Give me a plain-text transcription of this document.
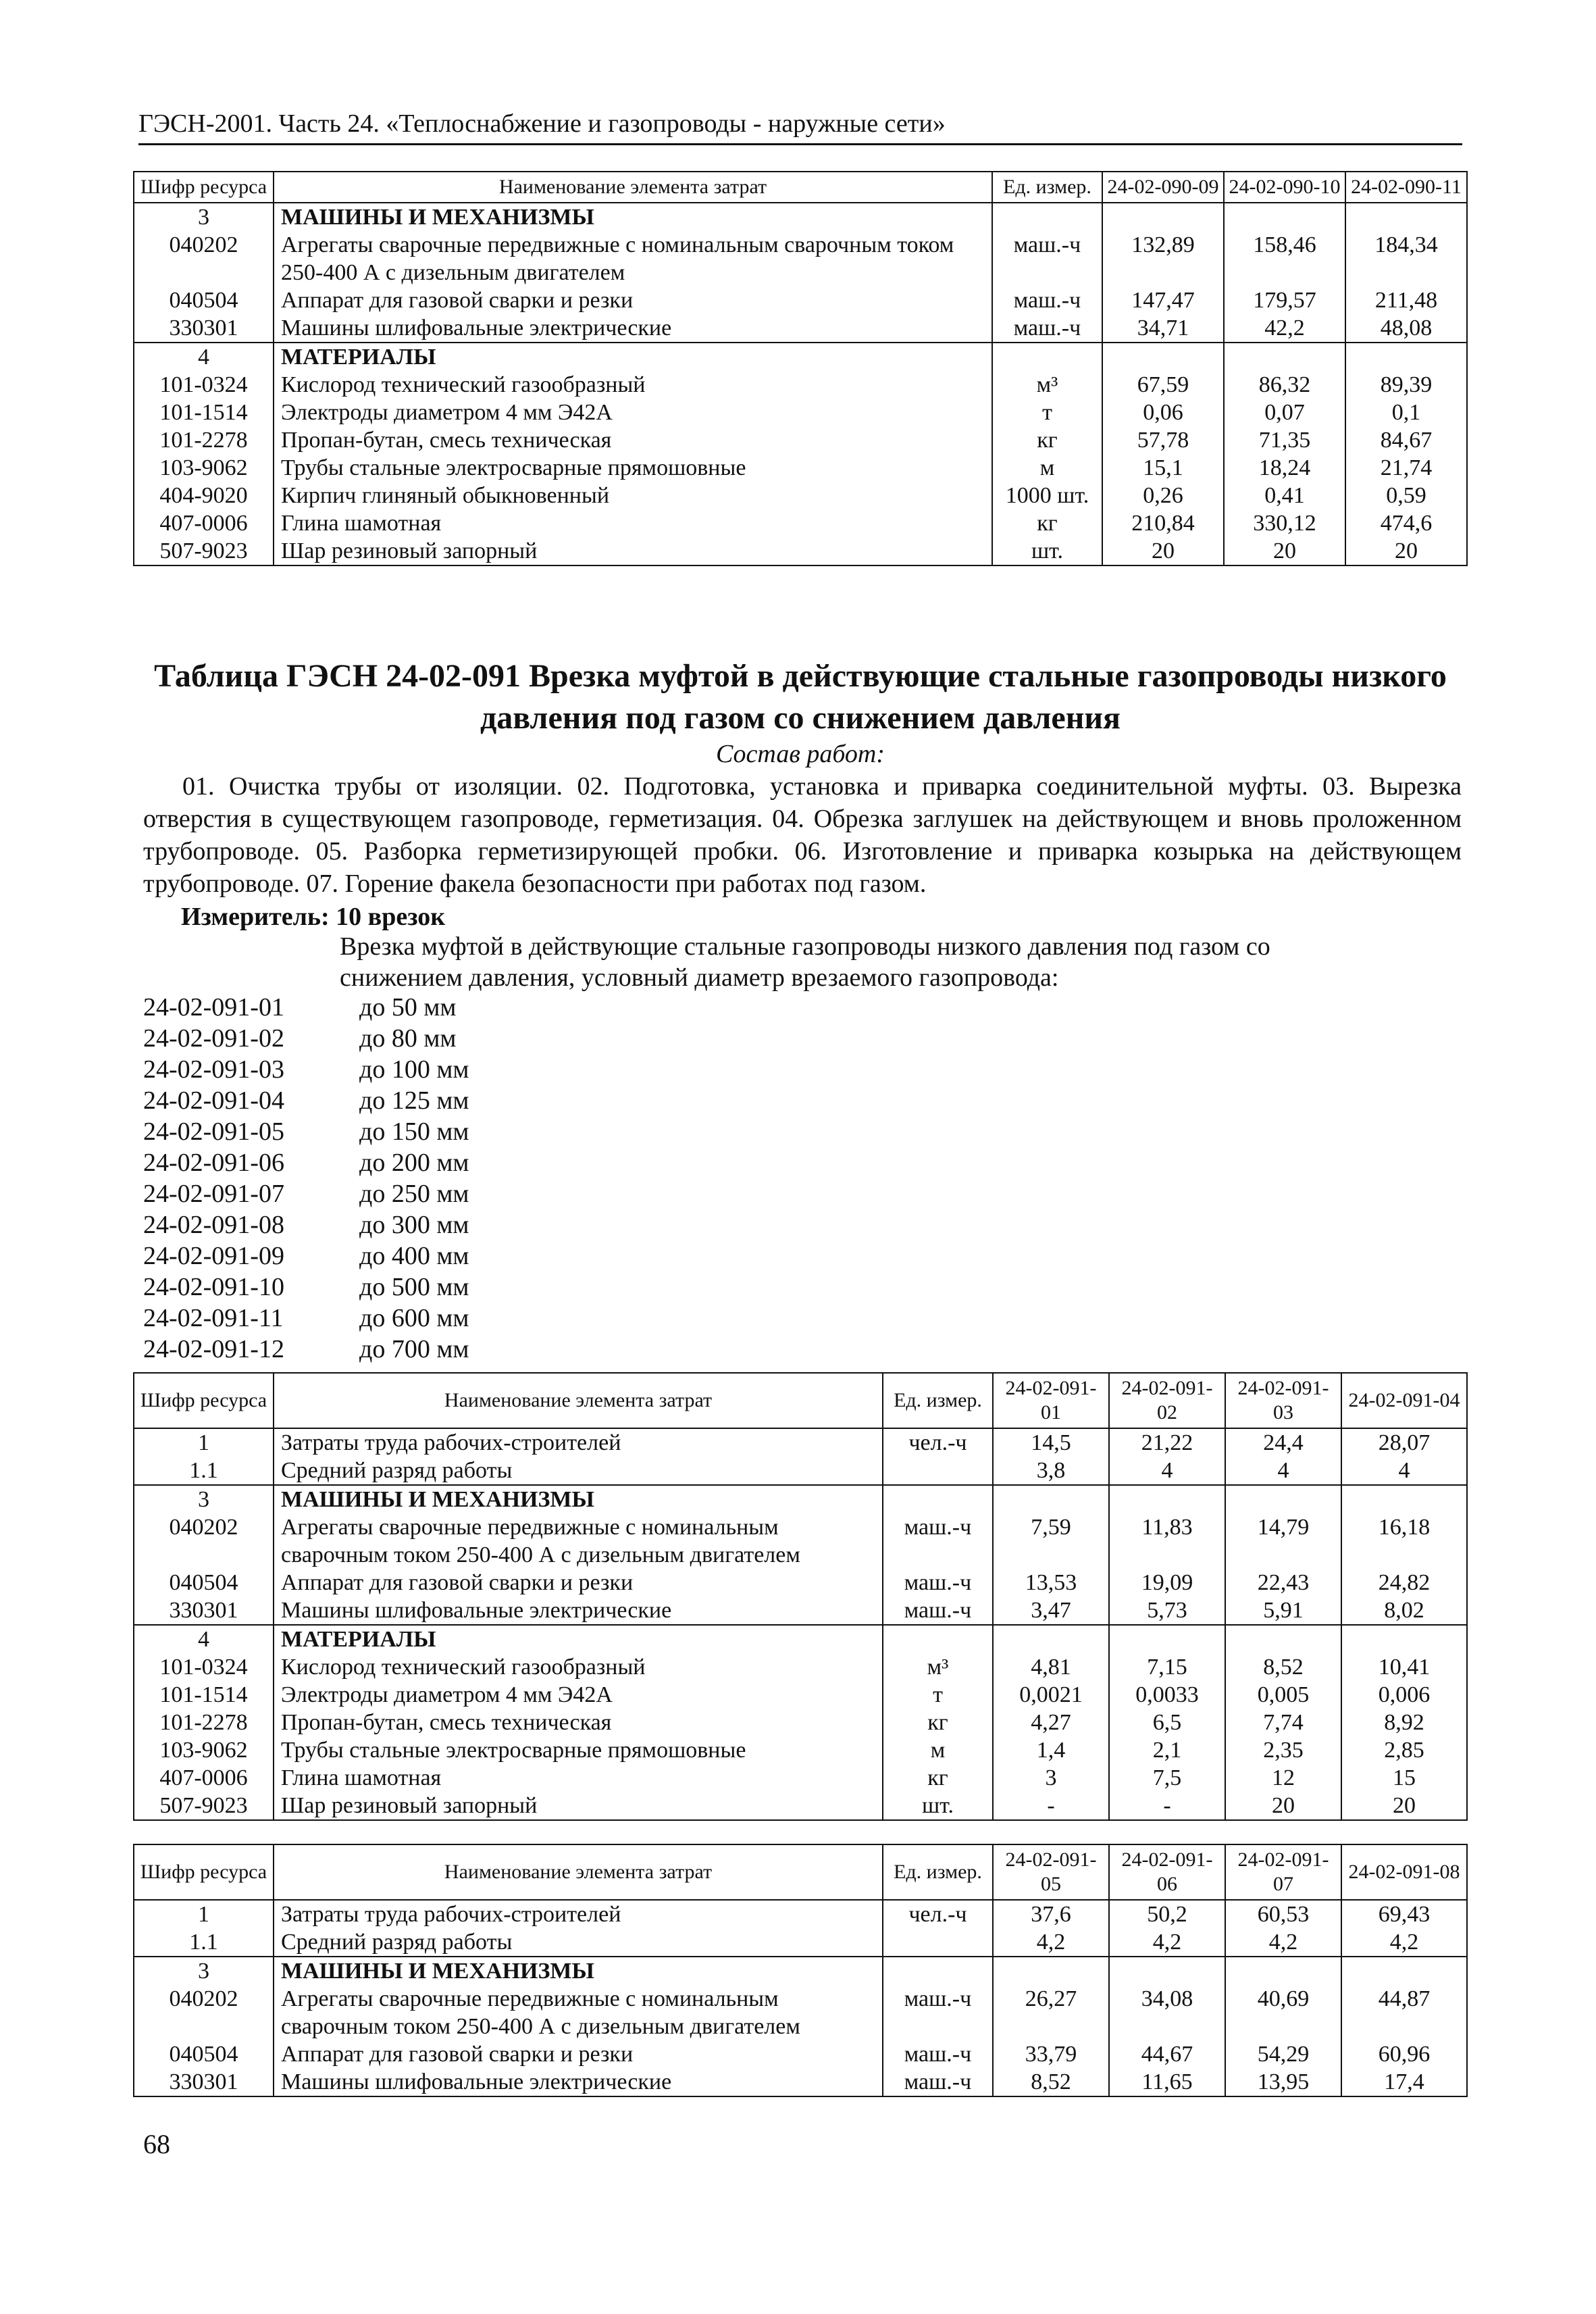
ГЭСН-2001. Часть 24. «Теплоснабжение и газопроводы - наружные сети»
Шифр ресурса	Наименование элемента затрат	Ед. измер.	24-02-090-09	24-02-090-10	24-02-090-11
3	МАШИНЫ И МЕХАНИЗМЫ				
040202	Агрегаты сварочные передвижные с номинальным сварочным током 250-400 А с дизельным двигателем	маш.-ч	132,89	158,46	184,34
040504	Аппарат для газовой сварки и резки	маш.-ч	147,47	179,57	211,48
330301	Машины шлифовальные электрические	маш.-ч	34,71	42,2	48,08
4	МАТЕРИАЛЫ				
101-0324	Кислород технический газообразный	м³	67,59	86,32	89,39
101-1514	Электроды диаметром 4 мм Э42А	т	0,06	0,07	0,1
101-2278	Пропан-бутан, смесь техническая	кг	57,78	71,35	84,67
103-9062	Трубы стальные электросварные прямошовные	м	15,1	18,24	21,74
404-9020	Кирпич глиняный обыкновенный	1000 шт.	0,26	0,41	0,59
407-0006	Глина шамотная	кг	210,84	330,12	474,6
507-9023	Шар резиновый запорный	шт.	20	20	20
Таблица ГЭСН 24-02-091 Врезка муфтой в действующие стальные газопроводы низкого давления под газом со снижением давления
Состав работ:
01. Очистка трубы от изоляции. 02. Подготовка, установка и приварка соединительной муфты. 03. Вырезка отверстия в существующем газопроводе, герметизация. 04. Обрезка заглушек на действующем и вновь проложенном трубопроводе. 05. Разборка герметизирующей пробки. 06. Изготовление и приварка козырька на действующем трубопроводе. 07. Горение факела безопасности при работах под газом.
Измеритель: 10 врезок
Врезка муфтой в действующие стальные газопроводы низкого давления под газом со снижением давления, условный диаметр врезаемого газопровода:
24-02-091-01	до 50 мм
24-02-091-02	до 80 мм
24-02-091-03	до 100 мм
24-02-091-04	до 125 мм
24-02-091-05	до 150 мм
24-02-091-06	до 200 мм
24-02-091-07	до 250 мм
24-02-091-08	до 300 мм
24-02-091-09	до 400 мм
24-02-091-10	до 500 мм
24-02-091-11	до 600 мм
24-02-091-12	до 700 мм
Шифр ресурса	Наименование элемента затрат	Ед. измер.	24-02-091-01	24-02-091-02	24-02-091-03	24-02-091-04
1	Затраты труда рабочих-строителей	чел.-ч	14,5	21,22	24,4	28,07
1.1	Средний разряд работы		3,8	4	4	4
3	МАШИНЫ И МЕХАНИЗМЫ					
040202	Агрегаты сварочные передвижные с номинальным сварочным током 250-400 А с дизельным двигателем	маш.-ч	7,59	11,83	14,79	16,18
040504	Аппарат для газовой сварки и резки	маш.-ч	13,53	19,09	22,43	24,82
330301	Машины шлифовальные электрические	маш.-ч	3,47	5,73	5,91	8,02
4	МАТЕРИАЛЫ					
101-0324	Кислород технический газообразный	м³	4,81	7,15	8,52	10,41
101-1514	Электроды диаметром 4 мм Э42А	т	0,0021	0,0033	0,005	0,006
101-2278	Пропан-бутан, смесь техническая	кг	4,27	6,5	7,74	8,92
103-9062	Трубы стальные электросварные прямошовные	м	1,4	2,1	2,35	2,85
407-0006	Глина шамотная	кг	3	7,5	12	15
507-9023	Шар резиновый запорный	шт.	-	-	20	20
Шифр ресурса	Наименование элемента затрат	Ед. измер.	24-02-091-05	24-02-091-06	24-02-091-07	24-02-091-08
1	Затраты труда рабочих-строителей	чел.-ч	37,6	50,2	60,53	69,43
1.1	Средний разряд работы		4,2	4,2	4,2	4,2
3	МАШИНЫ И МЕХАНИЗМЫ					
040202	Агрегаты сварочные передвижные с номинальным сварочным током 250-400 А с дизельным двигателем	маш.-ч	26,27	34,08	40,69	44,87
040504	Аппарат для газовой сварки и резки	маш.-ч	33,79	44,67	54,29	60,96
330301	Машины шлифовальные электрические	маш.-ч	8,52	11,65	13,95	17,4
68
